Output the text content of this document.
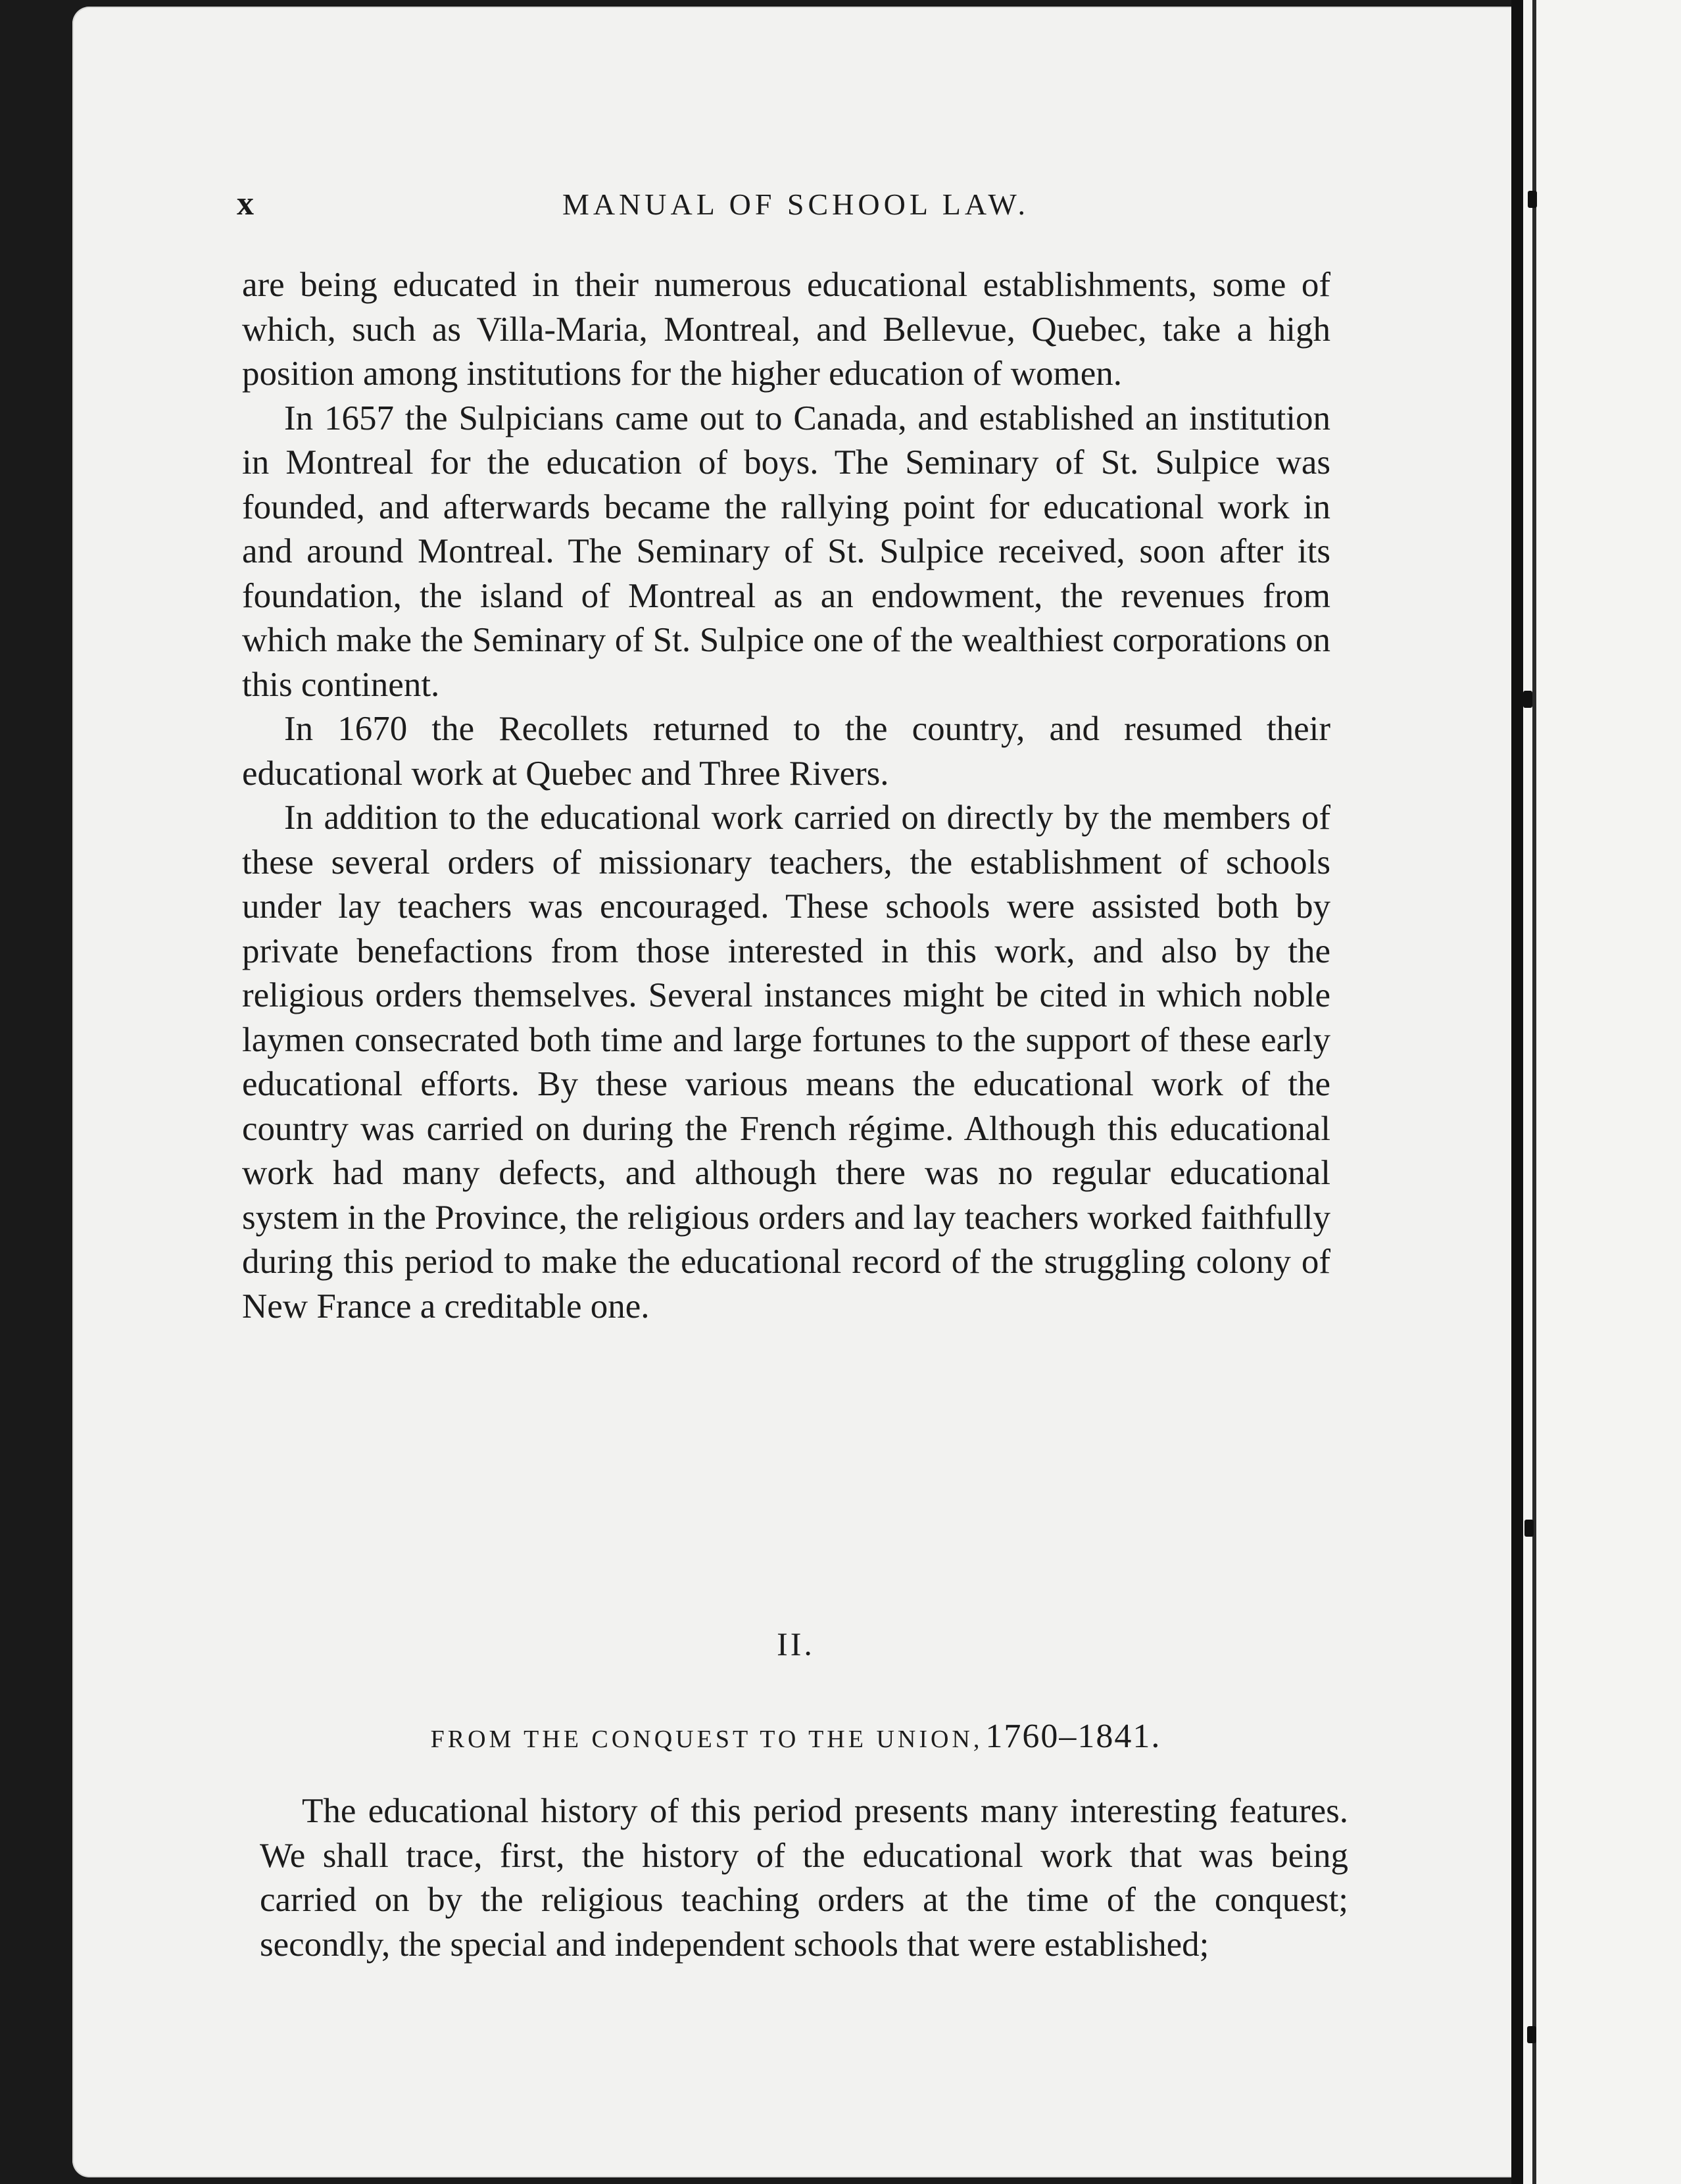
x	MANUAL OF SCHOOL LAW.

are being educated in their numerous educational establishments, some of which, such as Villa-Maria, Montreal, and Bellevue, Quebec, take a high position among institutions for the higher education of women.

In 1657 the Sulpicians came out to Canada, and established an institution in Montreal for the education of boys. The Seminary of St. Sulpice was founded, and afterwards became the rallying point for educational work in and around Montreal. The Seminary of St. Sulpice received, soon after its foundation, the island of Montreal as an endowment, the revenues from which make the Seminary of St. Sulpice one of the wealthiest corporations on this continent.

In 1670 the Recollets returned to the country, and resumed their educational work at Quebec and Three Rivers.

In addition to the educational work carried on directly by the members of these several orders of missionary teachers, the establishment of schools under lay teachers was encouraged. These schools were assisted both by private benefactions from those interested in this work, and also by the religious orders themselves. Several instances might be cited in which noble laymen consecrated both time and large fortunes to the support of these early educational efforts. By these various means the educational work of the country was carried on during the French régime. Although this educational work had many defects, and although there was no regular educational system in the Province, the religious orders and lay teachers worked faithfully during this period to make the educational record of the struggling colony of New France a creditable one.

II.
FROM THE CONQUEST TO THE UNION, 1760–1841.

The educational history of this period presents many interesting features. We shall trace, first, the history of the educational work that was being carried on by the religious teaching orders at the time of the conquest; secondly, the special and independent schools that were established;
